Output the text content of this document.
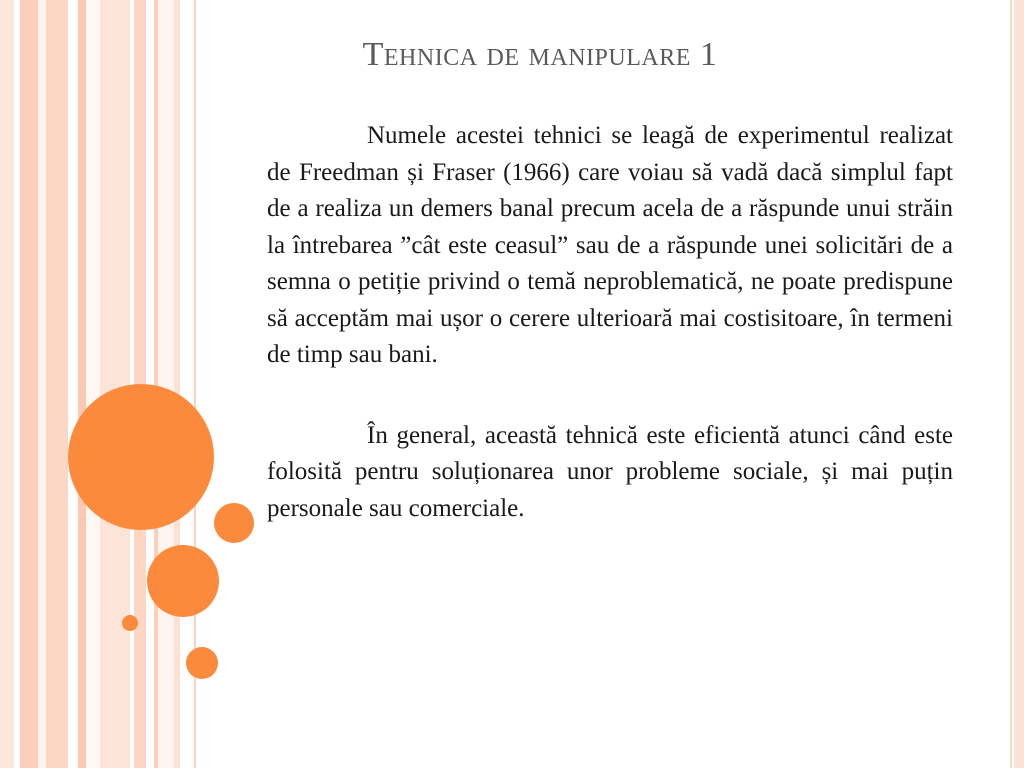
Tehnica de manipulare 1

Numele acestei tehnici se leagă de experimentul realizat de Freedman și Fraser (1966) care voiau să vadă dacă simplul fapt de a realiza un demers banal precum acela de a răspunde unui străin la întrebarea ”cât este ceasul” sau de a răspunde unei solicitări de a semna o petiție privind o temă neproblematică, ne poate predispune să acceptăm mai ușor o cerere ulterioară mai costisitoare, în termeni de timp sau bani.

În general, această tehnică este eficientă atunci când este folosită pentru soluționarea unor probleme sociale, și mai puțin personale sau comerciale.
